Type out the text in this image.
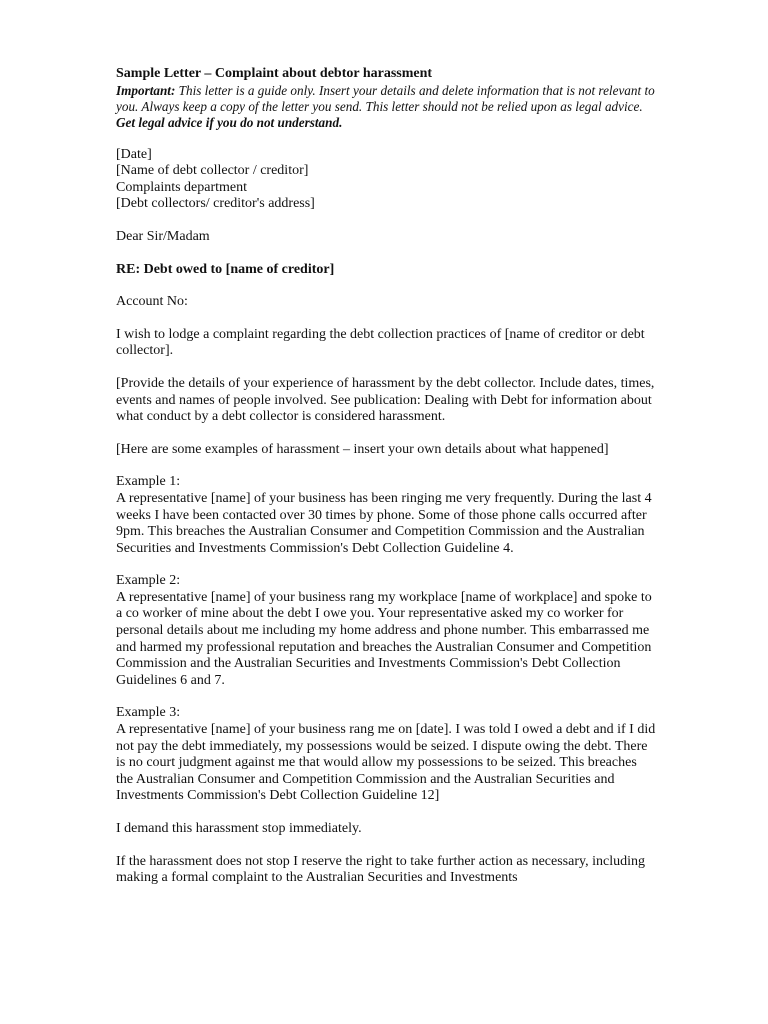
Sample Letter – Complaint about debtor harassment

Important: This letter is a guide only. Insert your details and delete information that is not relevant to you. Always keep a copy of the letter you send. This letter should not be relied upon as legal advice. Get legal advice if you do not understand.

[Date]
[Name of debt collector / creditor]
Complaints department
[Debt collectors/ creditor's address]

Dear Sir/Madam

RE: Debt owed to [name of creditor]

Account No:

I wish to lodge a complaint regarding the debt collection practices of [name of creditor or debt collector].

[Provide the details of your experience of harassment by the debt collector. Include dates, times, events and names of people involved. See publication: Dealing with Debt for information about what conduct by a debt collector is considered harassment.

[Here are some examples of harassment – insert your own details about what happened]

Example 1:
A representative [name] of your business has been ringing me very frequently. During the last 4 weeks I have been contacted over 30 times by phone. Some of those phone calls occurred after 9pm. This breaches the Australian Consumer and Competition Commission and the Australian Securities and Investments Commission's Debt Collection Guideline 4.
Example 2:
A representative [name] of your business rang my workplace [name of workplace] and spoke to a co worker of mine about the debt I owe you. Your representative asked my co worker for personal details about me including my home address and phone number. This embarrassed me and harmed my professional reputation and breaches the Australian Consumer and Competition Commission and the Australian Securities and Investments Commission's Debt Collection Guidelines 6 and 7.
Example 3:
A representative [name] of your business rang me on [date]. I was told I owed a debt and if I did not pay the debt immediately, my possessions would be seized. I dispute owing the debt. There is no court judgment against me that would allow my possessions to be seized. This breaches the Australian Consumer and Competition Commission and the Australian Securities and Investments Commission's Debt Collection Guideline 12]

I demand this harassment stop immediately.

If the harassment does not stop I reserve the right to take further action as necessary, including making a formal complaint to the Australian Securities and Investments
